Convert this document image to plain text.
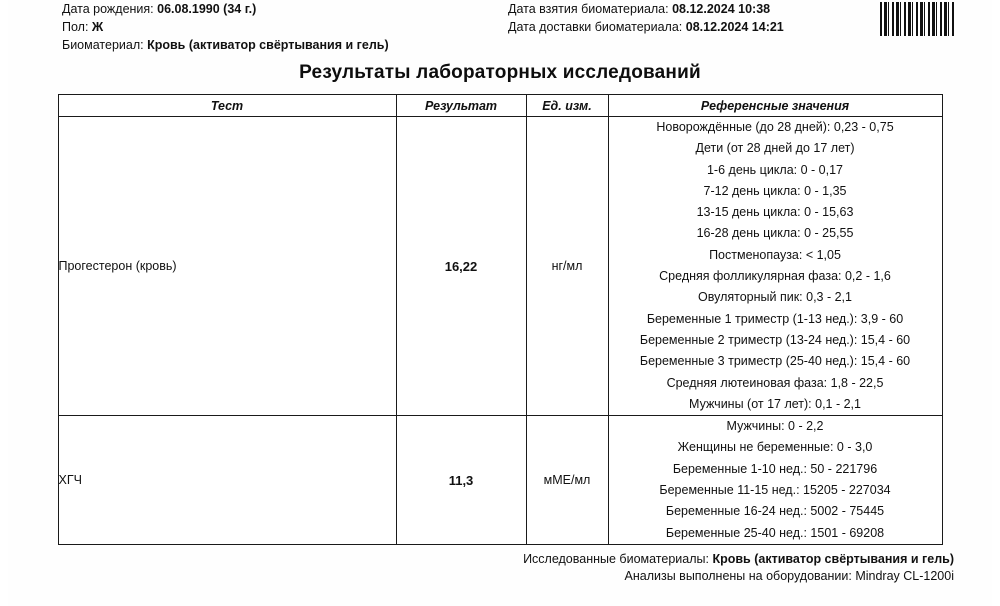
Дата рождения: 06.08.1990 (34 г.)
Пол: Ж
Биоматериал: Кровь (активатор свёртывания и гель)
Дата взятия биоматериала: 08.12.2024 10:38
Дата доставки биоматериала: 08.12.2024 14:21
Результаты лабораторных исследований
Тест	Результат	Ед. изм.	Референсные значения
Прогестерон (кровь)	16,22	нг/мл	
Новорождённые (до 28 дней): 0,23 - 0,75
Дети (от 28 дней до 17 лет)
1-6 день цикла: 0 - 0,17
7-12 день цикла: 0 - 1,35
13-15 день цикла: 0 - 15,63
16-28 день цикла: 0 - 25,55
Постменопауза: < 1,05
Средняя фолликулярная фаза: 0,2 - 1,6
Овуляторный пик: 0,3 - 2,1
Беременные 1 триместр (1-13 нед.): 3,9 - 60
Беременные 2 триместр (13-24 нед.): 15,4 - 60
Беременные 3 триместр (25-40 нед.): 15,4 - 60
Средняя лютеиновая фаза: 1,8 - 22,5
Мужчины (от 17 лет): 0,1 - 2,1

ХГЧ	11,3	мМЕ/мл	
Мужчины: 0 - 2,2
Женщины не беременные: 0 - 3,0
Беременные 1-10 нед.: 50 - 221796
Беременные 11-15 нед.: 15205 - 227034
Беременные 16-24 нед.: 5002 - 75445
Беременные 25-40 нед.: 1501 - 69208
Исследованные биоматериалы: Кровь (активатор свёртывания и гель)
Анализы выполнены на оборудовании: Mindray CL-1200i
